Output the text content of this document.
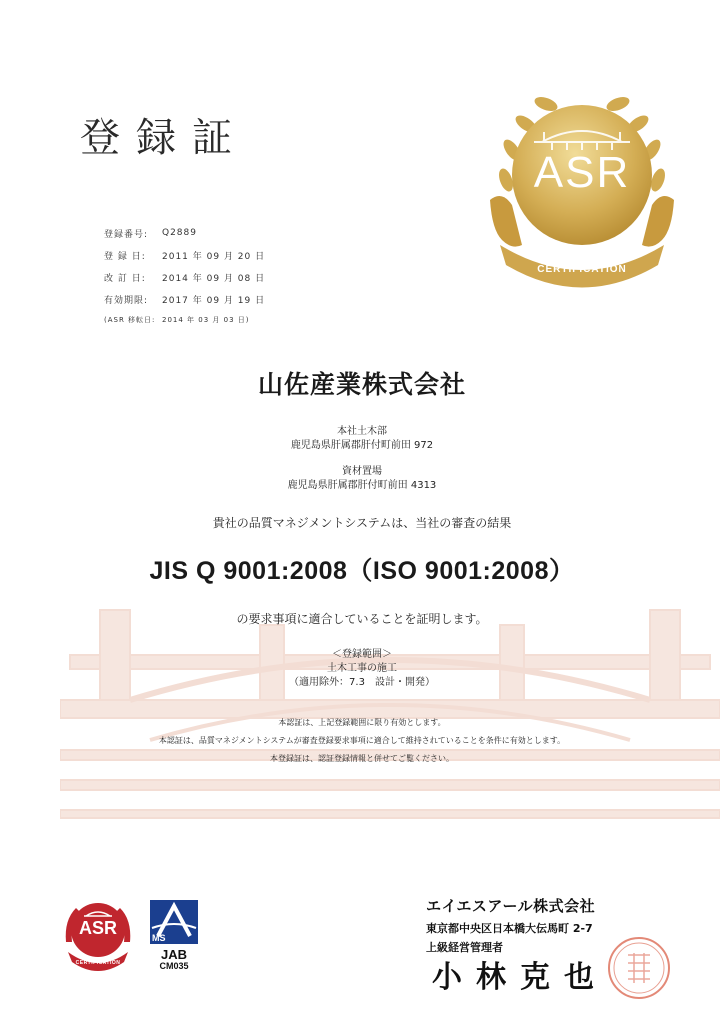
登録証
ASR
CERTIFICATION
登録番号:	Q2889
登 録 日:	2011 年 09 月 20 日
改 訂 日:	2014 年 09 月 08 日
有効期限:	2017 年 09 月 19 日
(ASR 移転日: 2014 年 03 月 03 日)
山佐産業株式会社
本社土木部
鹿児島県肝属郡肝付町前田 972
資材置場
鹿児島県肝属郡肝付町前田 4313
貴社の品質マネジメントシステムは、当社の審査の結果
JIS Q 9001:2008（ISO 9001:2008）
の要求事項に適合していることを証明します。
＜登録範囲＞
土木工事の施工
（適用除外：7.3　設計・開発）
本認証は、上記登録範囲に限り有効とします。
本認証は、品質マネジメントシステムが審査登録要求事項に適合して維持されていることを条件に有効とします。
本登録証は、認証登録情報と併せてご覧ください。
ASR
CERTIFICATION
MS
JAB
CM035
エイエスアール株式会社
東京都中央区日本橋大伝馬町 2-7
上級経営管理者
小林克也
